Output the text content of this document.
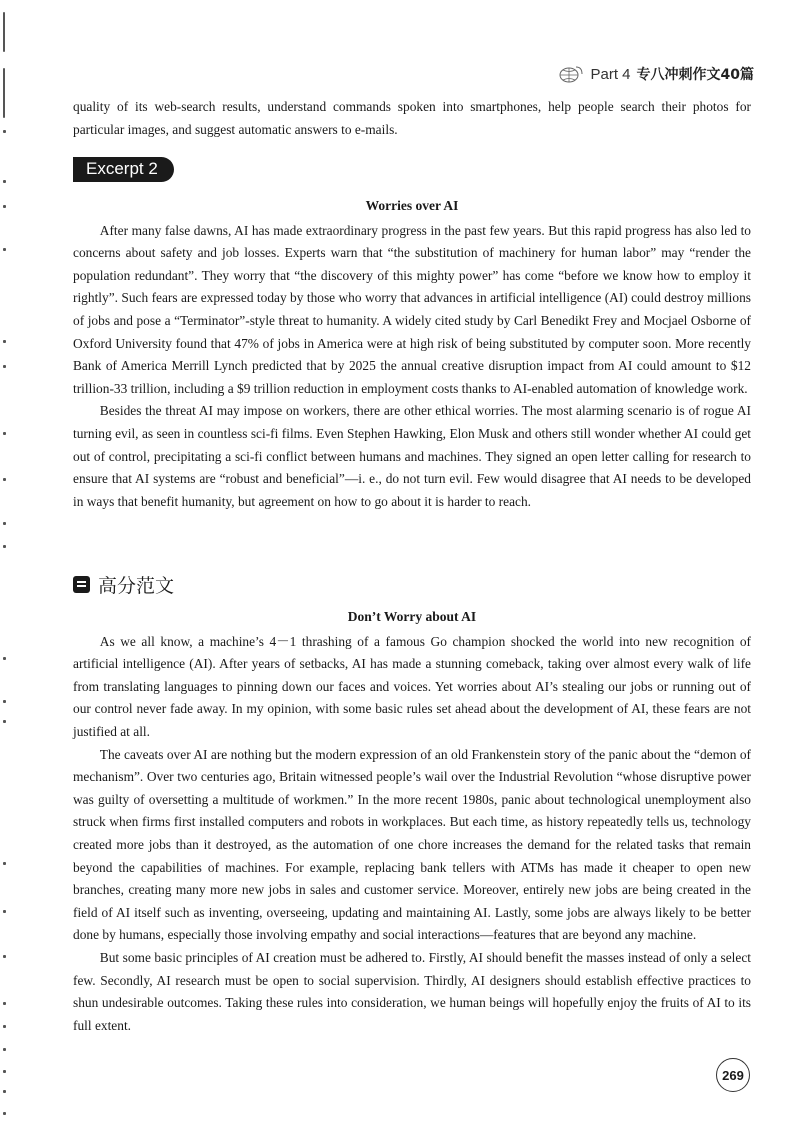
Part 4 专八冲刺作文40篇

quality of its web-search results, understand commands spoken into smartphones, help people search their photos for particular images, and suggest automatic answers to e-mails.

Excerpt 2

Worries over AI

After many false dawns, AI has made extraordinary progress in the past few years. But this rapid progress has also led to concerns about safety and job losses. Experts warn that “the substitution of machinery for human labor” may “render the population redundant”. They worry that “the discovery of this mighty power” has come “before we know how to employ it rightly”. Such fears are expressed today by those who worry that advances in artificial intelligence (AI) could destroy millions of jobs and pose a “Terminator”-style threat to humanity. A widely cited study by Carl Benedikt Frey and Mocjael Osborne of Oxford University found that 47% of jobs in America were at high risk of being substituted by computer soon. More recently Bank of America Merrill Lynch predicted that by 2025 the annual creative disruption impact from AI could amount to $12 trillion-33 trillion, including a $9 trillion reduction in employment costs thanks to AI-enabled automation of knowledge work.

Besides the threat AI may impose on workers, there are other ethical worries. The most alarming scenario is of rogue AI turning evil, as seen in countless sci-fi films. Even Stephen Hawking, Elon Musk and others still wonder whether AI could get out of control, precipitating a sci-fi conflict between humans and machines. They signed an open letter calling for research to ensure that AI systems are “robust and beneficial”—i. e., do not turn evil. Few would disagree that AI needs to be developed in ways that benefit humanity, but agreement on how to go about it is harder to reach.

高分范文

Don’t Worry about AI

As we all know, a machine’s 4－1 thrashing of a famous Go champion shocked the world into new recognition of artificial intelligence (AI). After years of setbacks, AI has made a stunning comeback, taking over almost every walk of life from translating languages to pinning down our faces and voices. Yet worries about AI’s stealing our jobs or running out of our control never fade away. In my opinion, with some basic rules set ahead about the development of AI, these fears are not justified at all.

The caveats over AI are nothing but the modern expression of an old Frankenstein story of the panic about the “demon of mechanism”. Over two centuries ago, Britain witnessed people’s wail over the Industrial Revolution “whose disruptive power was guilty of oversetting a multitude of workmen.” In the more recent 1980s, panic about technological unemployment also struck when firms first installed computers and robots in workplaces. But each time, as history repeatedly tells us, technology created more jobs than it destroyed, as the automation of one chore increases the demand for the related tasks that remain beyond the capabilities of machines. For example, replacing bank tellers with ATMs has made it cheaper to open new branches, creating many more new jobs in sales and customer service. Moreover, entirely new jobs are being created in the field of AI itself such as inventing, overseeing, updating and maintaining AI. Lastly, some jobs are always likely to be better done by humans, especially those involving empathy and social interactions—features that are beyond any machine.

But some basic principles of AI creation must be adhered to. Firstly, AI should benefit the masses instead of only a select few. Secondly, AI research must be open to social supervision. Thirdly, AI designers should establish effective practices to shun undesirable outcomes. Taking these rules into consideration, we human beings will hopefully enjoy the fruits of AI to its full extent.

269
